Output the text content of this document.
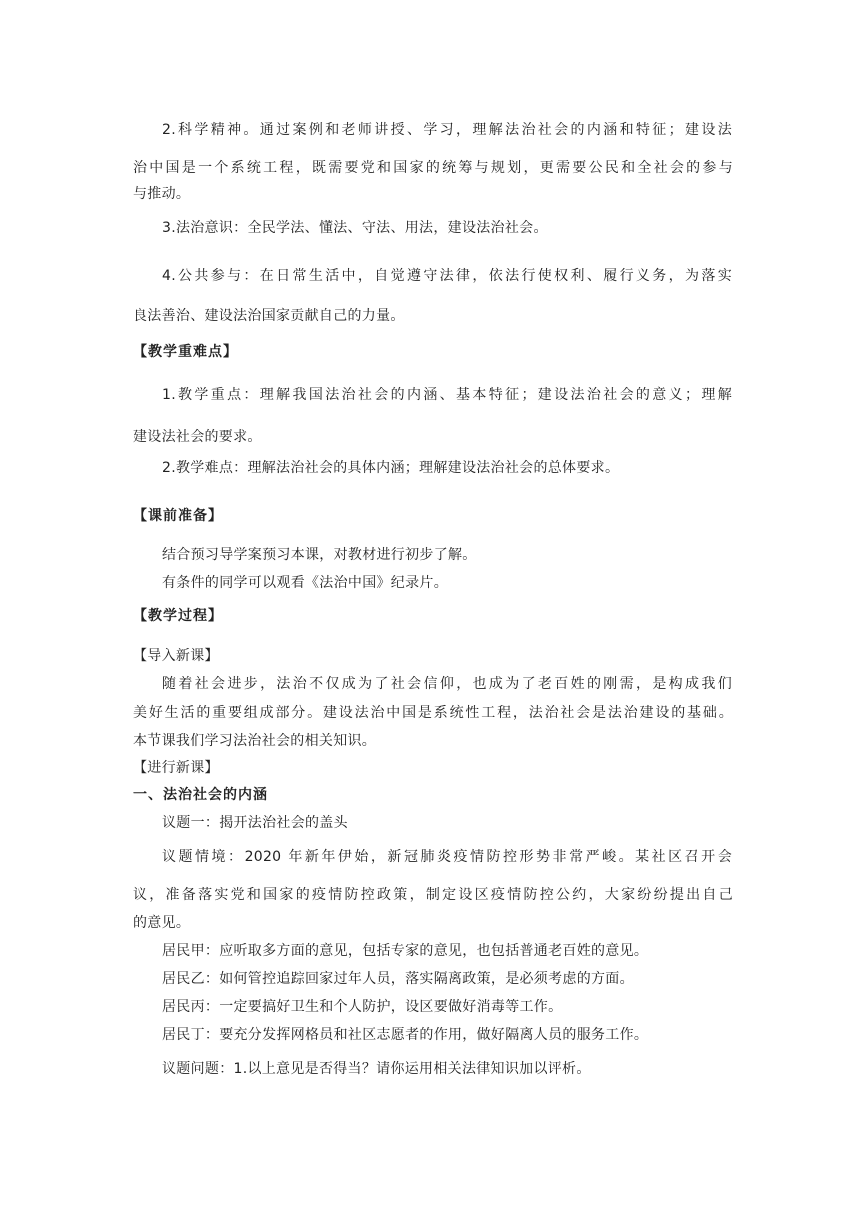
2.科学精神。通过案例和老师讲授、学习，理解法治社会的内涵和特征；建设法
治中国是一个系统工程，既需要党和国家的统筹与规划，更需要公民和全社会的参与
与推动。
3.法治意识：全民学法、懂法、守法、用法，建设法治社会。
4.公共参与：在日常生活中，自觉遵守法律，依法行使权利、履行义务，为落实
良法善治、建设法治国家贡献自己的力量。
【教学重难点】
1.教学重点：理解我国法治社会的内涵、基本特征；建设法治社会的意义；理解
建设法社会的要求。
2.教学难点：理解法治社会的具体内涵；理解建设法治社会的总体要求。
【课前准备】
结合预习导学案预习本课，对教材进行初步了解。
有条件的同学可以观看《法治中国》纪录片。
【教学过程】
【导入新课】
随着社会进步，法治不仅成为了社会信仰，也成为了老百姓的刚需，是构成我们
美好生活的重要组成部分。建设法治中国是系统性工程，法治社会是法治建设的基础。
本节课我们学习法治社会的相关知识。
【进行新课】
一、法治社会的内涵
议题一：揭开法治社会的盖头
议题情境：2020 年新年伊始，新冠肺炎疫情防控形势非常严峻。某社区召开会
议，准备落实党和国家的疫情防控政策，制定设区疫情防控公约，大家纷纷提出自己
的意见。
居民甲：应听取多方面的意见，包括专家的意见，也包括普通老百姓的意见。
居民乙：如何管控追踪回家过年人员，落实隔离政策，是必须考虑的方面。
居民丙：一定要搞好卫生和个人防护，设区要做好消毒等工作。
居民丁：要充分发挥网格员和社区志愿者的作用，做好隔离人员的服务工作。
议题问题：1.以上意见是否得当？请你运用相关法律知识加以评析。
